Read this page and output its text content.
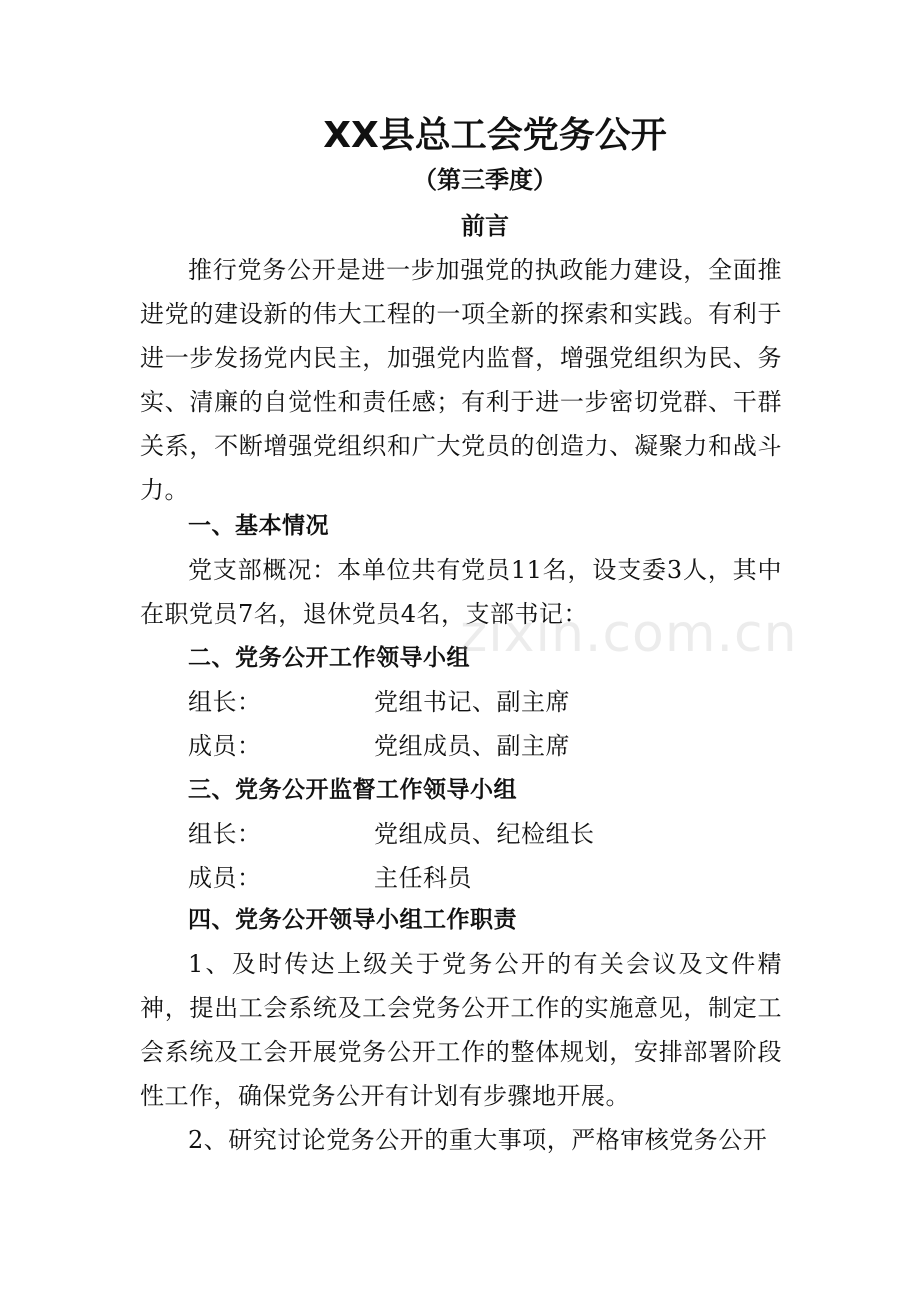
XX县总工会党务公开
（第三季度）
前言

推行党务公开是进一步加强党的执政能力建设，全面推进党的建设新的伟大工程的一项全新的探索和实践。有利于进一步发扬党内民主，加强党内监督，增强党组织为民、务实、清廉的自觉性和责任感；有利于进一步密切党群、干群关系，不断增强党组织和广大党员的创造力、凝聚力和战斗力。

一、基本情况

党支部概况：本单位共有党员11名，设支委3人，其中在职党员7名，退休党员4名，支部书记：

二、党务公开工作领导小组
组长：	党组书记、副主席
成员：	党组成员、副主席
三、党务公开监督工作领导小组
组长：	党组成员、纪检组长
成员：	主任科员
四、党务公开领导小组工作职责

1、及时传达上级关于党务公开的有关会议及文件精神，提出工会系统及工会党务公开工作的实施意见，制定工会系统及工会开展党务公开工作的整体规划，安排部署阶段性工作，确保党务公开有计划有步骤地开展。

2、研究讨论党务公开的重大事项，严格审核党务公开

zixin.com.cn
